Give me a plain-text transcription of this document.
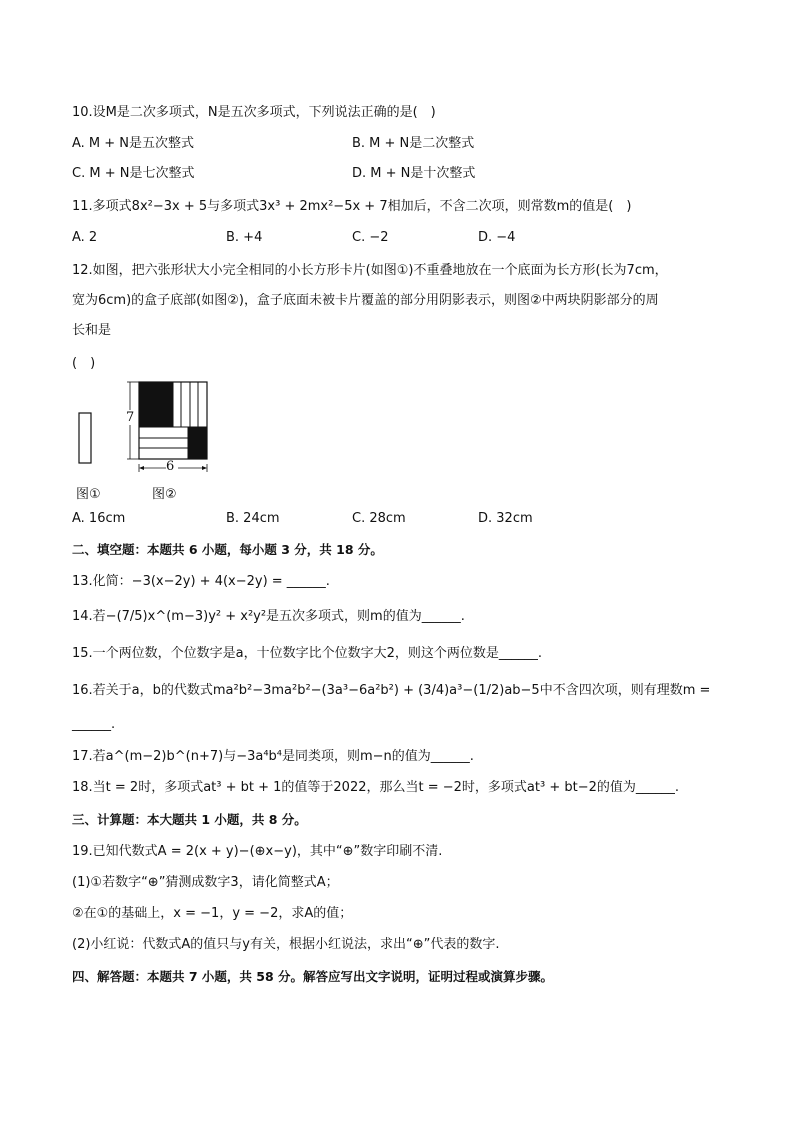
10.设M是二次多项式，N是五次多项式，下列说法正确的是(　)
A. M + N是五次整式	B. M + N是二次整式
C. M + N是七次整式	D. M + N是十次整式
11.多项式8x²−3x + 5与多项式3x³ + 2mx²−5x + 7相加后，不含二次项，则常数m的值是(　)
A. 2	B. +4	C. −2	D. −4
12.如图，把六张形状大小完全相同的小长方形卡片(如图①)不重叠地放在一个底面为长方形(长为7cm，
宽为6cm)的盒子底部(如图②)，盒子底面未被卡片覆盖的部分用阴影表示，则图②中两块阴影部分的周
长和是
(　)
7
6
图①	图②
A. 16cm	B. 24cm	C. 28cm	D. 32cm
二、填空题：本题共 6 小题，每小题 3 分，共 18 分。
13.化简：−3(x−2y) + 4(x−2y) = ______.
14.若−(7/5)x^(m−3)y² + x²y²是五次多项式，则m的值为______.
15.一个两位数，个位数字是a，十位数字比个位数字大2，则这个两位数是______.
16.若关于a，b的代数式ma²b²−3ma²b²−(3a³−6a²b²) + (3/4)a³−(1/2)ab−5中不含四次项，则有理数m =
______.
17.若a^(m−2)b^(n+7)与−3a⁴b⁴是同类项，则m−n的值为______.
18.当t = 2时，多项式at³ + bt + 1的值等于2022，那么当t = −2时，多项式at³ + bt−2的值为______.
三、计算题：本大题共 1 小题，共 8 分。
19.已知代数式A = 2(x + y)−(⊕x−y)，其中“⊕”数字印刷不清.
(1)①若数字“⊕”猜测成数字3，请化简整式A；
②在①的基础上，x = −1，y = −2，求A的值；
(2)小红说：代数式A的值只与y有关，根据小红说法，求出“⊕”代表的数字.
四、解答题：本题共 7 小题，共 58 分。解答应写出文字说明，证明过程或演算步骤。
